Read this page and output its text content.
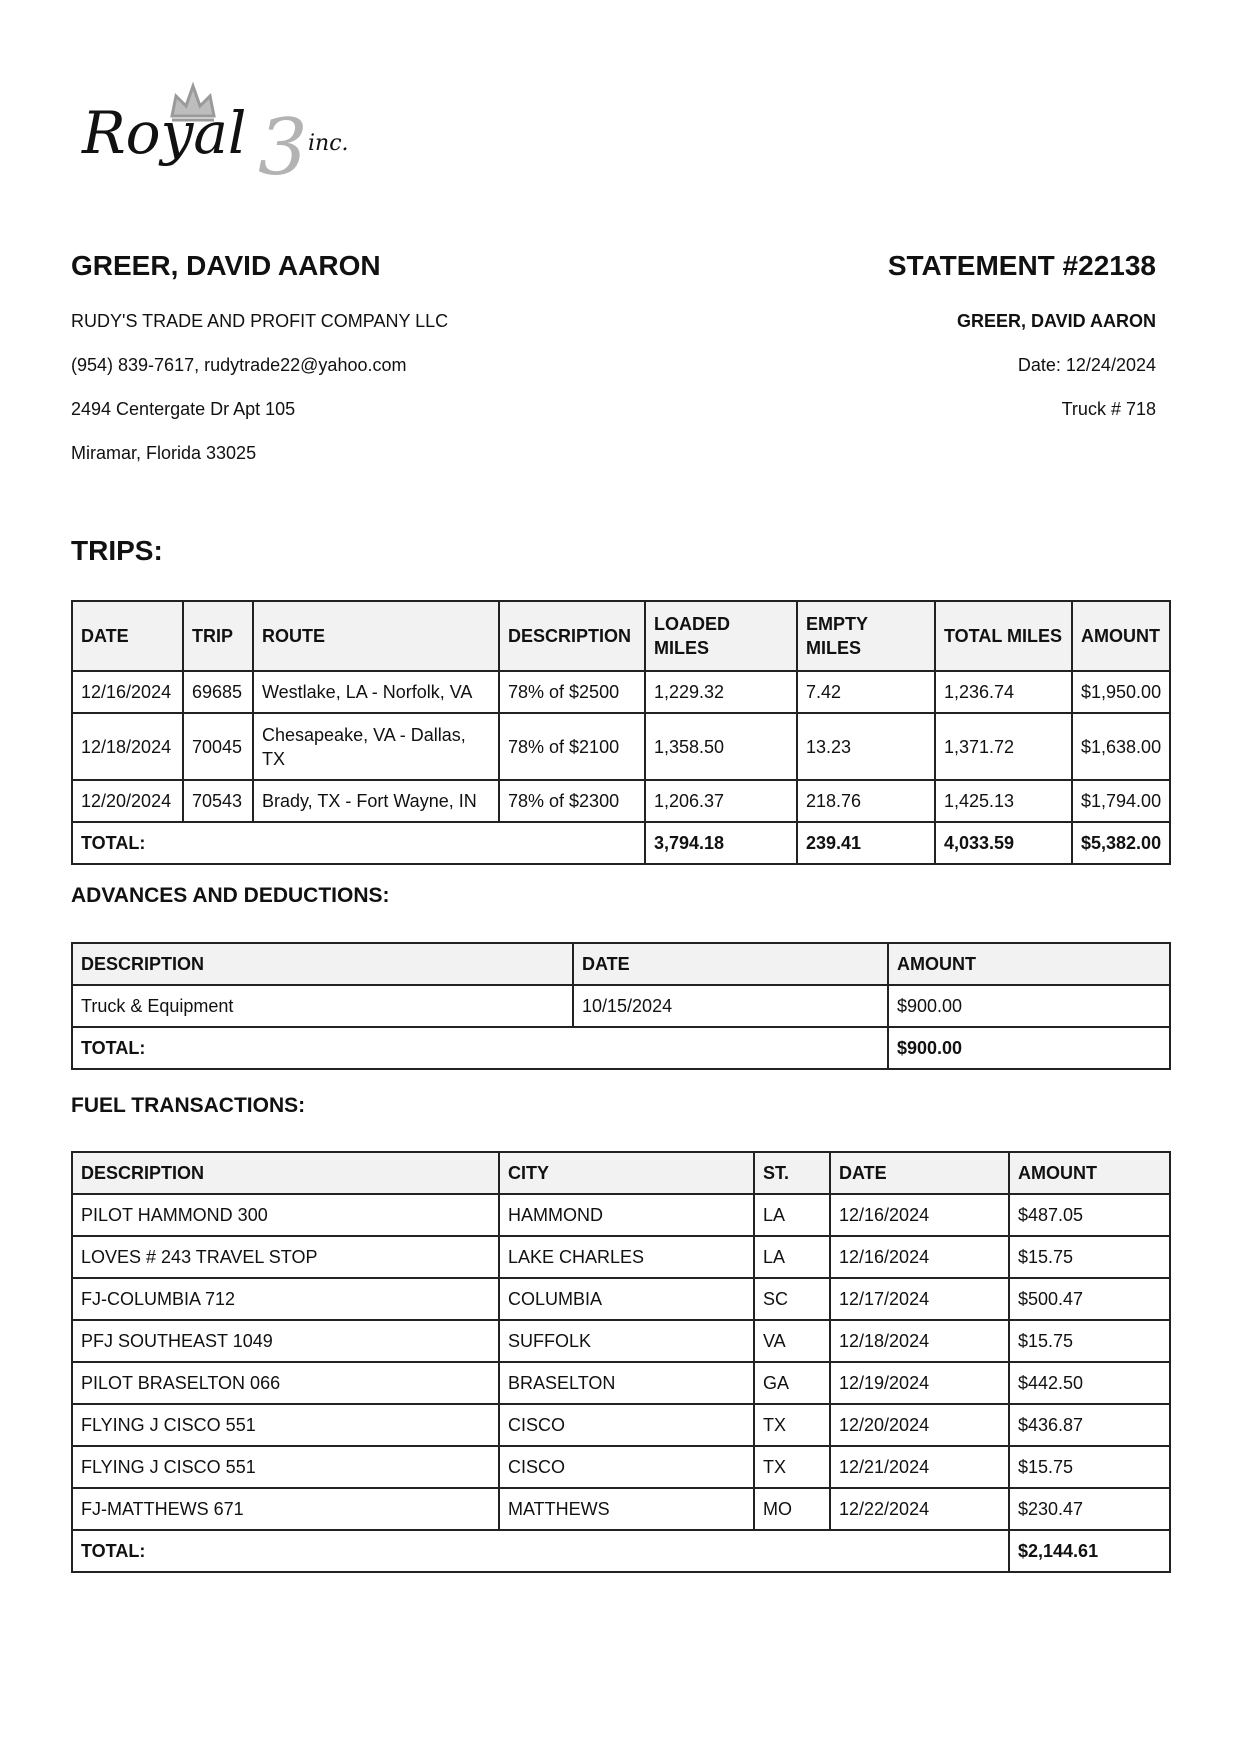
Royal 3 inc.
GREER, DAVID AARON	STATEMENT #22138
RUDY'S TRADE AND PROFIT COMPANY LLC
(954) 839-7617, rudytrade22@yahoo.com
2494 Centergate Dr Apt 105
Miramar, Florida 33025
GREER, DAVID AARON
Date: 12/24/2024
Truck # 718
TRIPS:
DATE	TRIP	ROUTE	DESCRIPTION	LOADED MILES	EMPTY MILES	TOTAL MILES	AMOUNT
12/16/2024	69685	Westlake, LA - Norfolk, VA	78% of $2500	1,229.32	7.42	1,236.74	$1,950.00
12/18/2024	70045	Chesapeake, VA - Dallas, TX	78% of $2100	1,358.50	13.23	1,371.72	$1,638.00
12/20/2024	70543	Brady, TX - Fort Wayne, IN	78% of $2300	1,206.37	218.76	1,425.13	$1,794.00
TOTAL:				3,794.18	239.41	4,033.59	$5,382.00
ADVANCES AND DEDUCTIONS:
DESCRIPTION	DATE	AMOUNT
Truck & Equipment	10/15/2024	$900.00
TOTAL:		$900.00
FUEL TRANSACTIONS:
DESCRIPTION	CITY	ST.	DATE	AMOUNT
PILOT HAMMOND 300	HAMMOND	LA	12/16/2024	$487.05
LOVES # 243 TRAVEL STOP	LAKE CHARLES	LA	12/16/2024	$15.75
FJ-COLUMBIA 712	COLUMBIA	SC	12/17/2024	$500.47
PFJ SOUTHEAST 1049	SUFFOLK	VA	12/18/2024	$15.75
PILOT BRASELTON 066	BRASELTON	GA	12/19/2024	$442.50
FLYING J CISCO 551	CISCO	TX	12/20/2024	$436.87
FLYING J CISCO 551	CISCO	TX	12/21/2024	$15.75
FJ-MATTHEWS 671	MATTHEWS	MO	12/22/2024	$230.47
TOTAL:				$2,144.61
